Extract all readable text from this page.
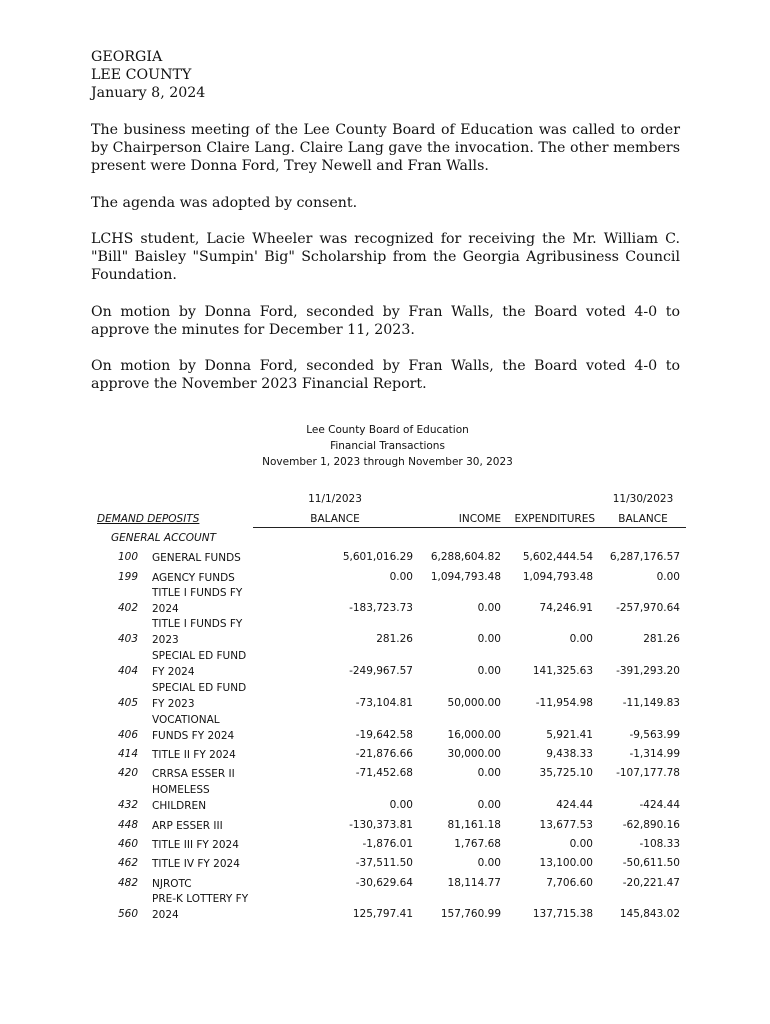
GEORGIA
LEE COUNTY
January 8, 2024

The business meeting of the Lee County Board of Education was called to order by Chairperson Claire Lang. Claire Lang gave the invocation. The other members present were Donna Ford, Trey Newell and Fran Walls.

The agenda was adopted by consent.

LCHS student, Lacie Wheeler was recognized for receiving the Mr. William C. "Bill" Baisley "Sumpin' Big" Scholarship from the Georgia Agribusiness Council Foundation.

On motion by Donna Ford, seconded by Fran Walls, the Board voted 4-0 to approve the minutes for December 11, 2023.

On motion by Donna Ford, seconded by Fran Walls, the Board voted 4-0 to approve the November 2023 Financial Report.

Lee County Board of Education
Financial Transactions
November 1, 2023 through November 30, 2023
11/1/2023	11/30/2023
DEMAND DEPOSITS	BALANCE	INCOME	EXPENDITURES	BALANCE
GENERAL ACCOUNT
100 GENERAL FUNDS	5,601,016.29	6,288,604.82	5,602,444.54	6,287,176.57
199 AGENCY FUNDS	0.00	1,094,793.48	1,094,793.48	0.00
402
TITLE I FUNDS FY
2024	-183,723.73	0.00	74,246.91	-257,970.64
403
TITLE I FUNDS FY
2023	281.26	0.00	0.00	281.26
404
SPECIAL ED FUND
FY 2024	-249,967.57	0.00	141,325.63	-391,293.20
405
SPECIAL ED FUND
FY 2023	-73,104.81	50,000.00	-11,954.98	-11,149.83
406
VOCATIONAL
FUNDS FY 2024	-19,642.58	16,000.00	5,921.41	-9,563.99
414 TITLE II FY 2024	-21,876.66	30,000.00	9,438.33	-1,314.99
420 CRRSA ESSER II	-71,452.68	0.00	35,725.10	-107,177.78
432
HOMELESS
CHILDREN	0.00	0.00	424.44	-424.44
448 ARP ESSER III	-130,373.81	81,161.18	13,677.53	-62,890.16
460 TITLE III FY 2024	-1,876.01	1,767.68	0.00	-108.33
462 TITLE IV FY 2024	-37,511.50	0.00	13,100.00	-50,611.50
482 NJROTC	-30,629.64	18,114.77	7,706.60	-20,221.47
560
PRE-K LOTTERY FY
2024	125,797.41	157,760.99	137,715.38	145,843.02
